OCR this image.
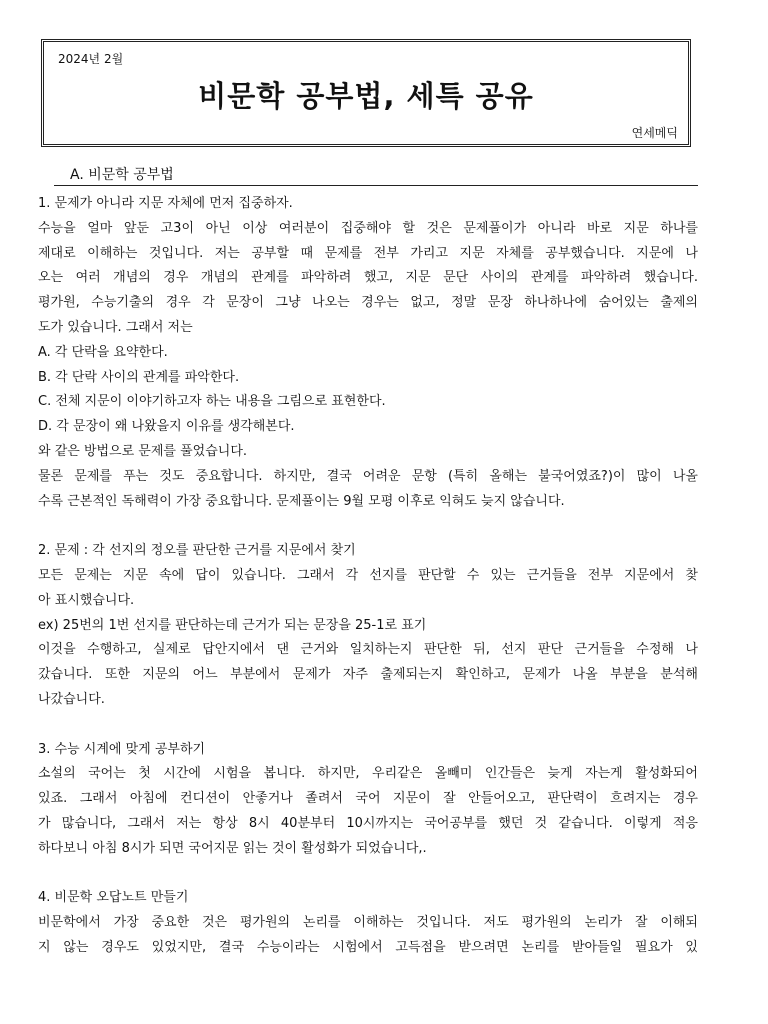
2024년 2월
비문학 공부법, 세특 공유
연세메딕
A. 비문학 공부법

1. 문제가 아니라 지문 자체에 먼저 집중하자.

수능을 얼마 앞둔 고3이 아닌 이상 여러분이 집중해야 할 것은 문제풀이가 아니라 바로 지문 하나를

제대로 이해하는 것입니다. 저는 공부할 때 문제를 전부 가리고 지문 자체를 공부했습니다. 지문에 나

오는 여러 개념의 경우 개념의 관계를 파악하려 했고, 지문 문단 사이의 관계를 파악하려 했습니다.

평가원, 수능기출의 경우 각 문장이 그냥 나오는 경우는 없고, 정말 문장 하나하나에 숨어있는 출제의

도가 있습니다. 그래서 저는

A. 각 단락을 요약한다.

B. 각 단락 사이의 관계를 파악한다.

C. 전체 지문이 이야기하고자 하는 내용을 그림으로 표현한다.

D. 각 문장이 왜 나왔을지 이유를 생각해본다.

와 같은 방법으로 문제를 풀었습니다.

물론 문제를 푸는 것도 중요합니다. 하지만, 결국 어려운 문항 (특히 올해는 불국어였죠?)이 많이 나올

수록 근본적인 독해력이 가장 중요합니다. 문제풀이는 9월 모평 이후로 익혀도 늦지 않습니다.

2. 문제 : 각 선지의 정오를 판단한 근거를 지문에서 찾기

모든 문제는 지문 속에 답이 있습니다. 그래서 각 선지를 판단할 수 있는 근거들을 전부 지문에서 찾

아 표시했습니다.

ex) 25번의 1번 선지를 판단하는데 근거가 되는 문장을 25-1로 표기

이것을 수행하고, 실제로 답안지에서 댄 근거와 일치하는지 판단한 뒤, 선지 판단 근거들을 수정해 나

갔습니다. 또한 지문의 어느 부분에서 문제가 자주 출제되는지 확인하고, 문제가 나올 부분을 분석해

나갔습니다.

3. 수능 시계에 맞게 공부하기

소설의 국어는 첫 시간에 시험을 봅니다. 하지만, 우리같은 올빼미 인간들은 늦게 자는게 활성화되어

있죠. 그래서 아침에 컨디션이 안좋거나 졸려서 국어 지문이 잘 안들어오고, 판단력이 흐려지는 경우

가 많습니다, 그래서 저는 항상 8시 40분부터 10시까지는 국어공부를 했던 것 같습니다. 이렇게 적응

하다보니 아침 8시가 되면 국어지문 읽는 것이 활성화가 되었습니다,.

4. 비문학 오답노트 만들기

비문학에서 가장 중요한 것은 평가원의 논리를 이해하는 것입니다. 저도 평가원의 논리가 잘 이해되

지 않는 경우도 있었지만, 결국 수능이라는 시험에서 고득점을 받으려면 논리를 받아들일 필요가 있
